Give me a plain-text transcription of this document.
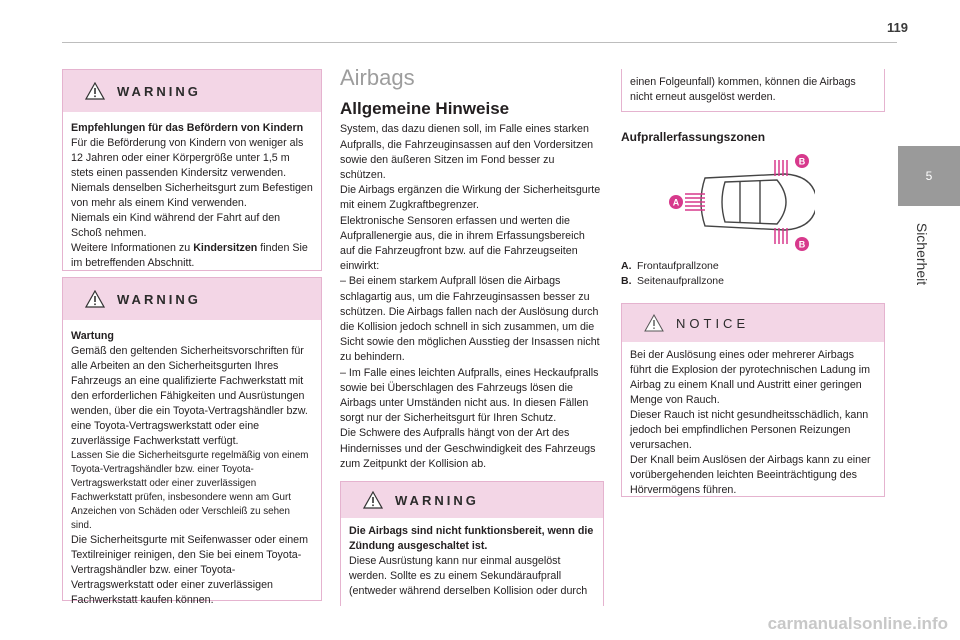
119
5
Sicherheit
WARNING

Empfehlungen für das Befördern von Kindern

Für die Beförderung von Kindern von weniger als 12 Jahren oder einer Körpergröße unter 1,5 m stets einen passenden Kindersitz verwenden.

Niemals denselben Sicherheitsgurt zum Befestigen von mehr als einem Kind verwenden.

Niemals ein Kind während der Fahrt auf den Schoß nehmen.

Weitere Informationen zu Kindersitzen finden Sie im betreffenden Abschnitt.

WARNING

Wartung

Gemäß den geltenden Sicherheitsvorschriften für alle Arbeiten an den Sicherheitsgurten Ihres Fahrzeugs an eine qualifizierte Fachwerkstatt mit den erforderlichen Fähigkeiten und Ausrüstungen wenden, über die ein Toyota-Vertragshändler bzw. eine Toyota-Vertragswerkstatt oder eine zuverlässige Fachwerkstatt verfügt.

Lassen Sie die Sicherheitsgurte regelmäßig von einem Toyota-Vertragshändler bzw. einer Toyota-Vertragswerkstatt oder einer zuverlässigen Fachwerkstatt prüfen, insbesondere wenn am Gurt Anzeichen von Schäden oder Verschleiß zu sehen sind.

Die Sicherheitsgurte mit Seifenwasser oder einem Textilreiniger reinigen, den Sie bei einem Toyota-Vertragshändler bzw. einer Toyota-Vertragswerkstatt oder einer zuverlässigen Fachwerkstatt kaufen können.

Airbags
Allgemeine Hinweise

System, das dazu dienen soll, im Falle eines starken Aufpralls, die Fahrzeuginsassen auf den Vordersitzen sowie den äußeren Sitzen im Fond besser zu schützen.

Die Airbags ergänzen die Wirkung der Sicherheitsgurte mit einem Zugkraftbegrenzer.

Elektronische Sensoren erfassen und werten die Aufprallenergie aus, die in ihrem Erfassungsbereich auf die Fahrzeugfront bzw. auf die Fahrzeugseiten einwirkt:

– Bei einem starkem Aufprall lösen die Airbags schlagartig aus, um die Fahrzeuginsassen besser zu schützen. Die Airbags fallen nach der Auslösung durch die Kollision jedoch schnell in sich zusammen, um die Sicht sowie den möglichen Ausstieg der Insassen nicht zu behindern.

– Im Falle eines leichten Aufpralls, eines Heckaufpralls sowie bei Überschlagen des Fahrzeugs lösen die Airbags unter Umständen nicht aus. In diesen Fällen sorgt nur der Sicherheitsgurt für Ihren Schutz.

Die Schwere des Aufpralls hängt von der Art des Hindernisses und der Geschwindigkeit des Fahrzeugs zum Zeitpunkt der Kollision ab.

WARNING

Die Airbags sind nicht funktionsbereit, wenn die Zündung ausgeschaltet ist.

Diese Ausrüstung kann nur einmal ausgelöst werden. Sollte es zu einem Sekundäraufprall (entweder während derselben Kollision oder durch

einen Folgeunfall) kommen, können die Airbags nicht erneut ausgelöst werden.

Aufprallerfassungszonen
A
B
B
A. Frontaufprallzone
B. Seitenaufprallzone
NOTICE

Bei der Auslösung eines oder mehrerer Airbags führt die Explosion der pyrotechnischen Ladung im Airbag zu einem Knall und Austritt einer geringen Menge von Rauch.

Dieser Rauch ist nicht gesundheitsschädlich, kann jedoch bei empfindlichen Personen Reizungen verursachen.

Der Knall beim Auslösen der Airbags kann zu einer vorübergehenden leichten Beeinträchtigung des Hörvermögens führen.

carmanualsonline.info
